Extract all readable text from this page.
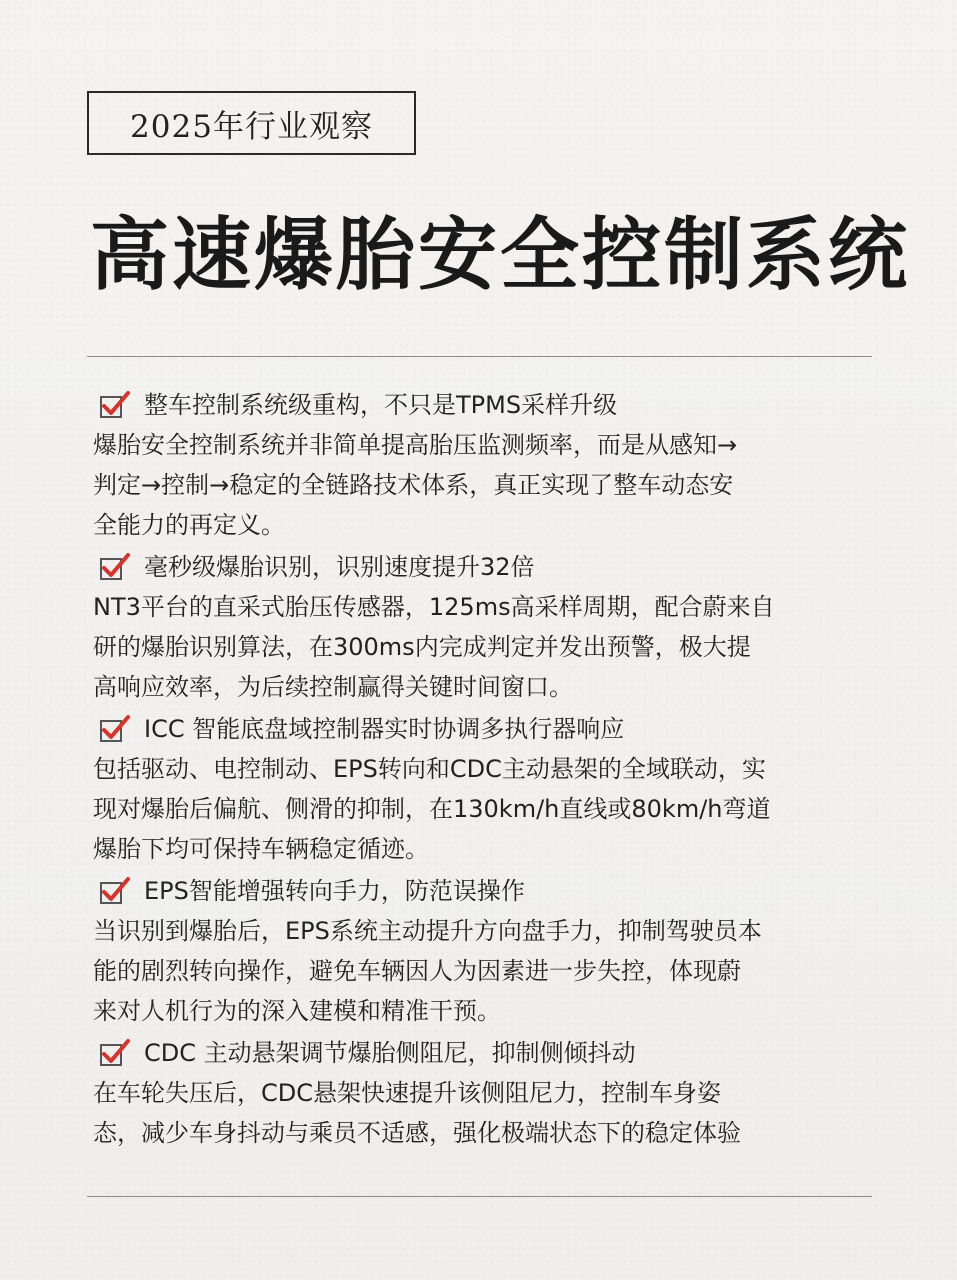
2025年行业观察
高速爆胎安全控制系统
整车控制系统级重构，不只是TPMS采样升级
爆胎安全控制系统并非简单提高胎压监测频率，而是从感知→
判定→控制→稳定的全链路技术体系，真正实现了整车动态安
全能力的再定义。
毫秒级爆胎识别，识别速度提升32倍
NT3平台的直采式胎压传感器，125ms高采样周期，配合蔚来自
研的爆胎识别算法，在300ms内完成判定并发出预警，极大提
高响应效率，为后续控制赢得关键时间窗口。
ICC 智能底盘域控制器实时协调多执行器响应
包括驱动、电控制动、EPS转向和CDC主动悬架的全域联动，实
现对爆胎后偏航、侧滑的抑制，在130km/h直线或80km/h弯道
爆胎下均可保持车辆稳定循迹。
EPS智能增强转向手力，防范误操作
当识别到爆胎后，EPS系统主动提升方向盘手力，抑制驾驶员本
能的剧烈转向操作，避免车辆因人为因素进一步失控，体现蔚
来对人机行为的深入建模和精准干预。
CDC 主动悬架调节爆胎侧阻尼，抑制侧倾抖动
在车轮失压后，CDC悬架快速提升该侧阻尼力，控制车身姿
态，减少车身抖动与乘员不适感，强化极端状态下的稳定体验
